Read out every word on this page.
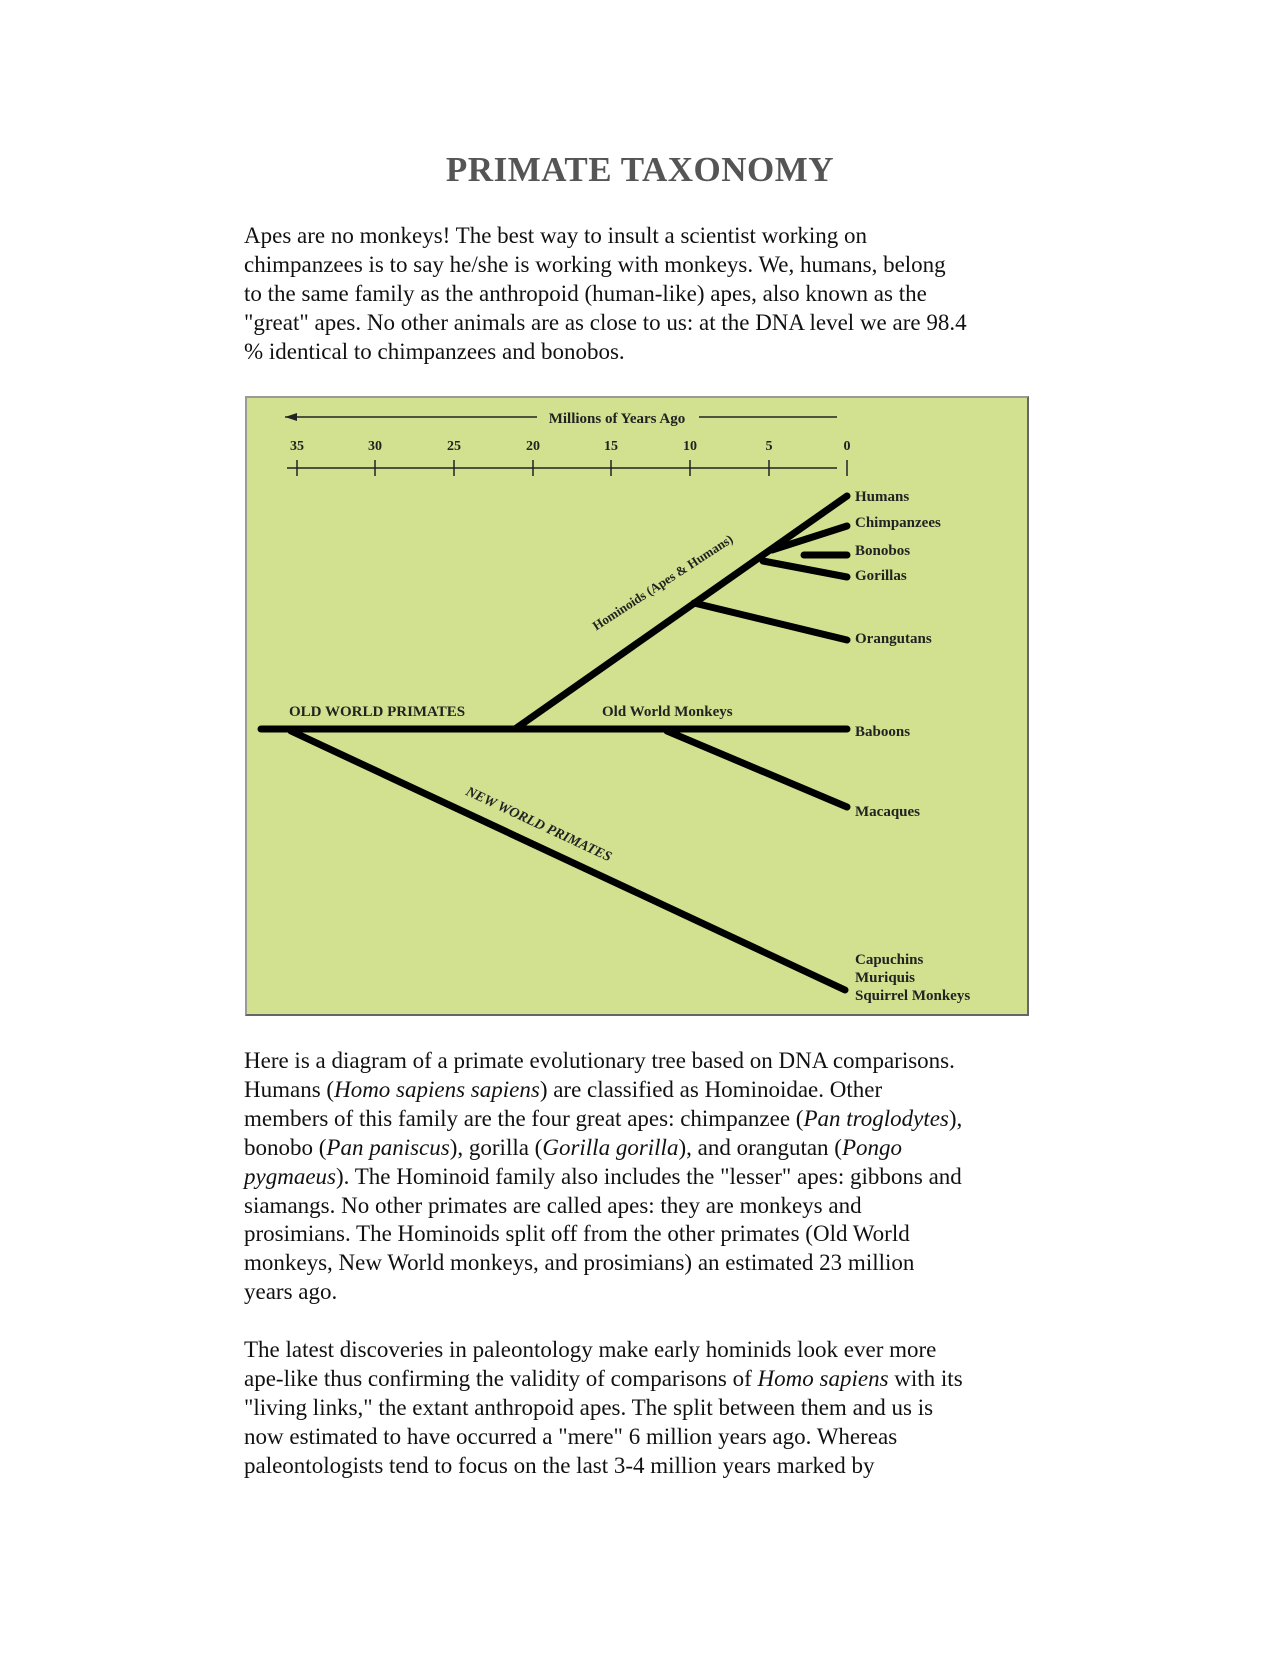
PRIMATE TAXONOMY

Apes are no monkeys! The best way to insult a scientist working on
chimpanzees is to say he/she is working with monkeys. We, humans, belong
to the same family as the anthropoid (human-like) apes, also known as the
"great" apes. No other animals are as close to us: at the DNA level we are 98.4
% identical to chimpanzees and bonobos.

Millions of Years Ago
35	30	25	20	15	10	5	0
OLD WORLD PRIMATES	Old World Monkeys
Hominoids (Apes & Humans)
NEW WORLD PRIMATES
Humans
Chimpanzees
Bonobos
Gorillas
Orangutans
Baboons
Macaques
Capuchins
Muriquis
Squirrel Monkeys

Here is a diagram of a primate evolutionary tree based on DNA comparisons.
Humans (Homo sapiens sapiens) are classified as Hominoidae. Other
members of this family are the four great apes: chimpanzee (Pan troglodytes),
bonobo (Pan paniscus), gorilla (Gorilla gorilla), and orangutan (Pongo
pygmaeus). The Hominoid family also includes the "lesser" apes: gibbons and
siamangs. No other primates are called apes: they are monkeys and
prosimians. The Hominoids split off from the other primates (Old World
monkeys, New World monkeys, and prosimians) an estimated 23 million
years ago.

The latest discoveries in paleontology make early hominids look ever more
ape-like thus confirming the validity of comparisons of Homo sapiens with its
"living links," the extant anthropoid apes. The split between them and us is
now estimated to have occurred a "mere" 6 million years ago. Whereas
paleontologists tend to focus on the last 3-4 million years marked by
